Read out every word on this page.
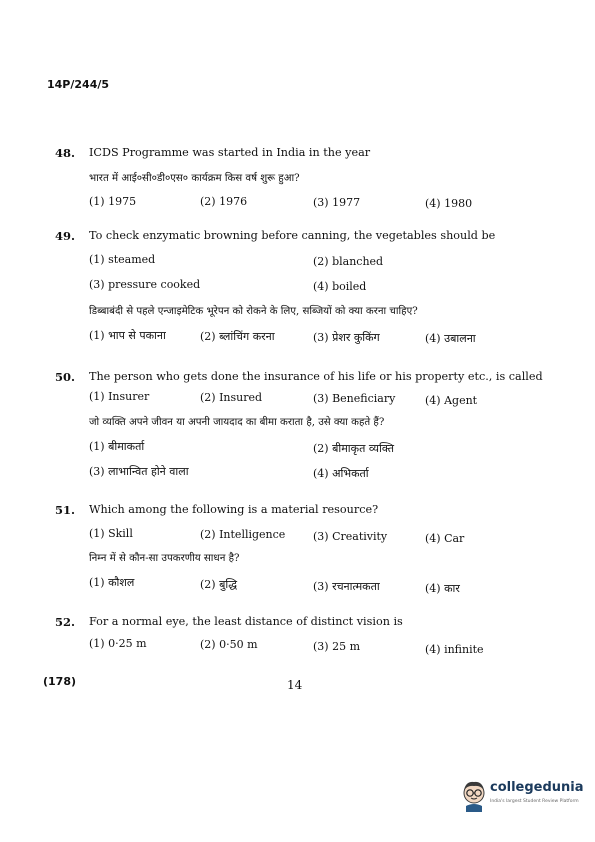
14P/244/5
48. ICDS Programme was started in India in the year
भारत में आई०सी०डी०एस० कार्यक्रम किस वर्ष शुरू हुआ?
(1) 1975	(2) 1976	(3) 1977	(4) 1980
49. To check enzymatic browning before canning, the vegetables should be
(1) steamed	(2) blanched
(3) pressure cooked	(4) boiled
डिब्बाबंदी से पहले एन्जाइमेटिक भूरेपन को रोकने के लिए, सब्जियों को क्या करना चाहिए?
(1) भाप से पकाना	(2) ब्लांचिंग करना	(3) प्रेशर कुकिंग	(4) उबालना
50. The person who gets done the insurance of his life or his property etc., is called
(1) Insurer	(2) Insured	(3) Beneficiary	(4) Agent
जो व्यक्ति अपने जीवन या अपनी जायदाद का बीमा कराता है, उसे क्या कहते हैं?
(1) बीमाकर्ता	(2) बीमाकृत व्यक्ति
(3) लाभान्वित होने वाला	(4) अभिकर्ता
51. Which among the following is a material resource?
(1) Skill	(2) Intelligence	(3) Creativity	(4) Car
निम्न में से कौन-सा उपकरणीय साधन है?
(1) कौशल	(2) बुद्धि	(3) रचनात्मकता	(4) कार
52. For a normal eye, the least distance of distinct vision is
(1) 0·25 m	(2) 0·50 m	(3) 25 m	(4) infinite
(178)	14
collegedunia
India's largest Student Review Platform
